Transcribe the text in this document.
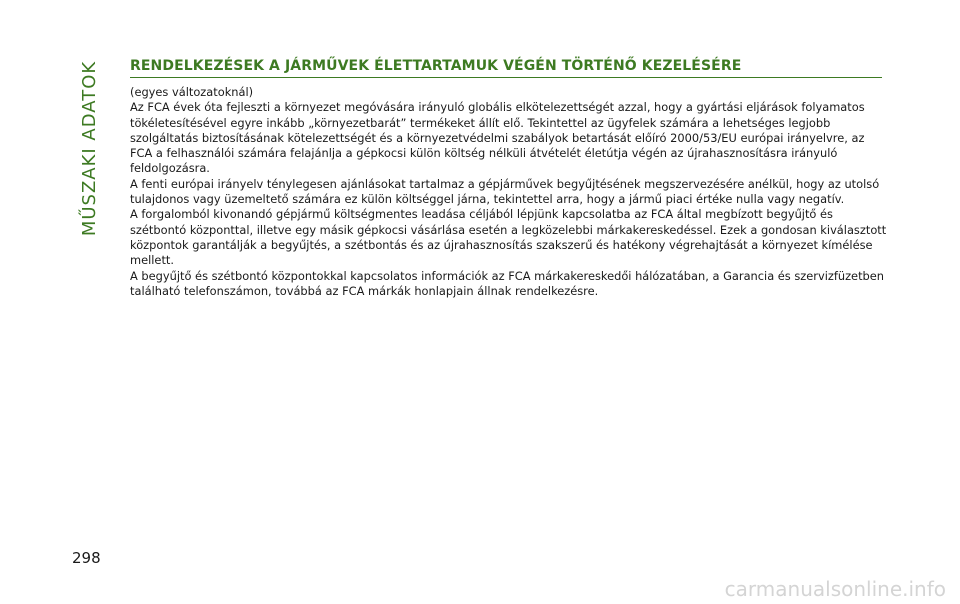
MŰSZAKI ADATOK RENDELKEZÉSEK A JÁRMŰVEK ÉLETTARTAMUK VÉGÉN TÖRTÉNŐ KEZELÉSÉRE

(egyes változatoknál)

Az FCA évek óta fejleszti a környezet megóvására irányuló globális elkötelezettségét azzal, hogy a gyártási eljárások folyamatos tökéletesítésével egyre inkább „környezetbarát” termékeket állít elő. Tekintettel az ügyfelek számára a lehetséges legjobb szolgáltatás biztosításának kötelezettségét és a környezetvédelmi szabályok betartását előíró 2000/53/EU európai irányelvre, az FCA a felhasználói számára felajánlja a gépkocsi külön költség nélküli átvételét életútja végén az újrahasznosításra irányuló feldolgozásra.

A fenti európai irányelv ténylegesen ajánlásokat tartalmaz a gépjárművek begyűjtésének megszervezésére anélkül, hogy az utolsó tulajdonos vagy üzemeltető számára ez külön költséggel járna, tekintettel arra, hogy a jármű piaci értéke nulla vagy negatív.

A forgalomból kivonandó gépjármű költségmentes leadása céljából lépjünk kapcsolatba az FCA által megbízott begyűjtő és szétbontó központtal, illetve egy másik gépkocsi vásárlása esetén a legközelebbi márkakereskedéssel. Ezek a gondosan kiválasztott központok garantálják a begyűjtés, a szétbontás és az újrahasznosítás szakszerű és hatékony végrehajtását a környezet kímélése mellett.

A begyűjtő és szétbontó központokkal kapcsolatos információk az FCA márkakereskedői hálózatában, a Garancia és szervizfüzetben található telefonszámon, továbbá az FCA márkák honlapjain állnak rendelkezésre.

298
carmanualsonline.info
